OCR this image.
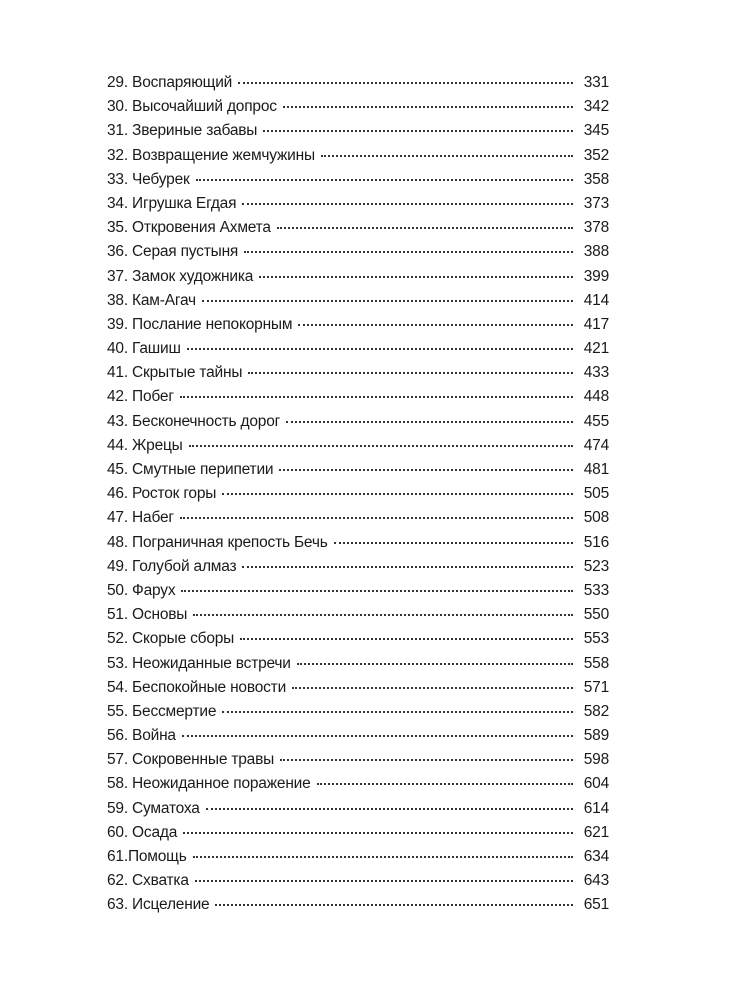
29. Воспаряющий	331
30. Высочайший допрос	342
31. Звериные забавы	345
32. Возвращение жемчужины	352
33. Чебурек	358
34. Игрушка Егдая	373
35. Откровения Ахмета	378
36. Серая пустыня	388
37. Замок художника	399
38. Кам-Агач	414
39. Послание непокорным	417
40. Гашиш	421
41. Скрытые тайны	433
42. Побег	448
43. Бесконечность дорог	455
44. Жрецы	474
45. Смутные перипетии	481
46. Росток горы	505
47. Набег	508
48. Пограничная крепость Бечь	516
49. Голубой алмаз	523
50. Фарух	533
51. Основы	550
52. Скорые сборы	553
53. Неожиданные встречи	558
54. Беспокойные новости	571
55. Бессмертие	582
56. Война	589
57. Сокровенные травы	598
58. Неожиданное поражение	604
59. Суматоха	614
60. Осада	621
61.Помощь	634
62. Схватка	643
63. Исцеление	651
